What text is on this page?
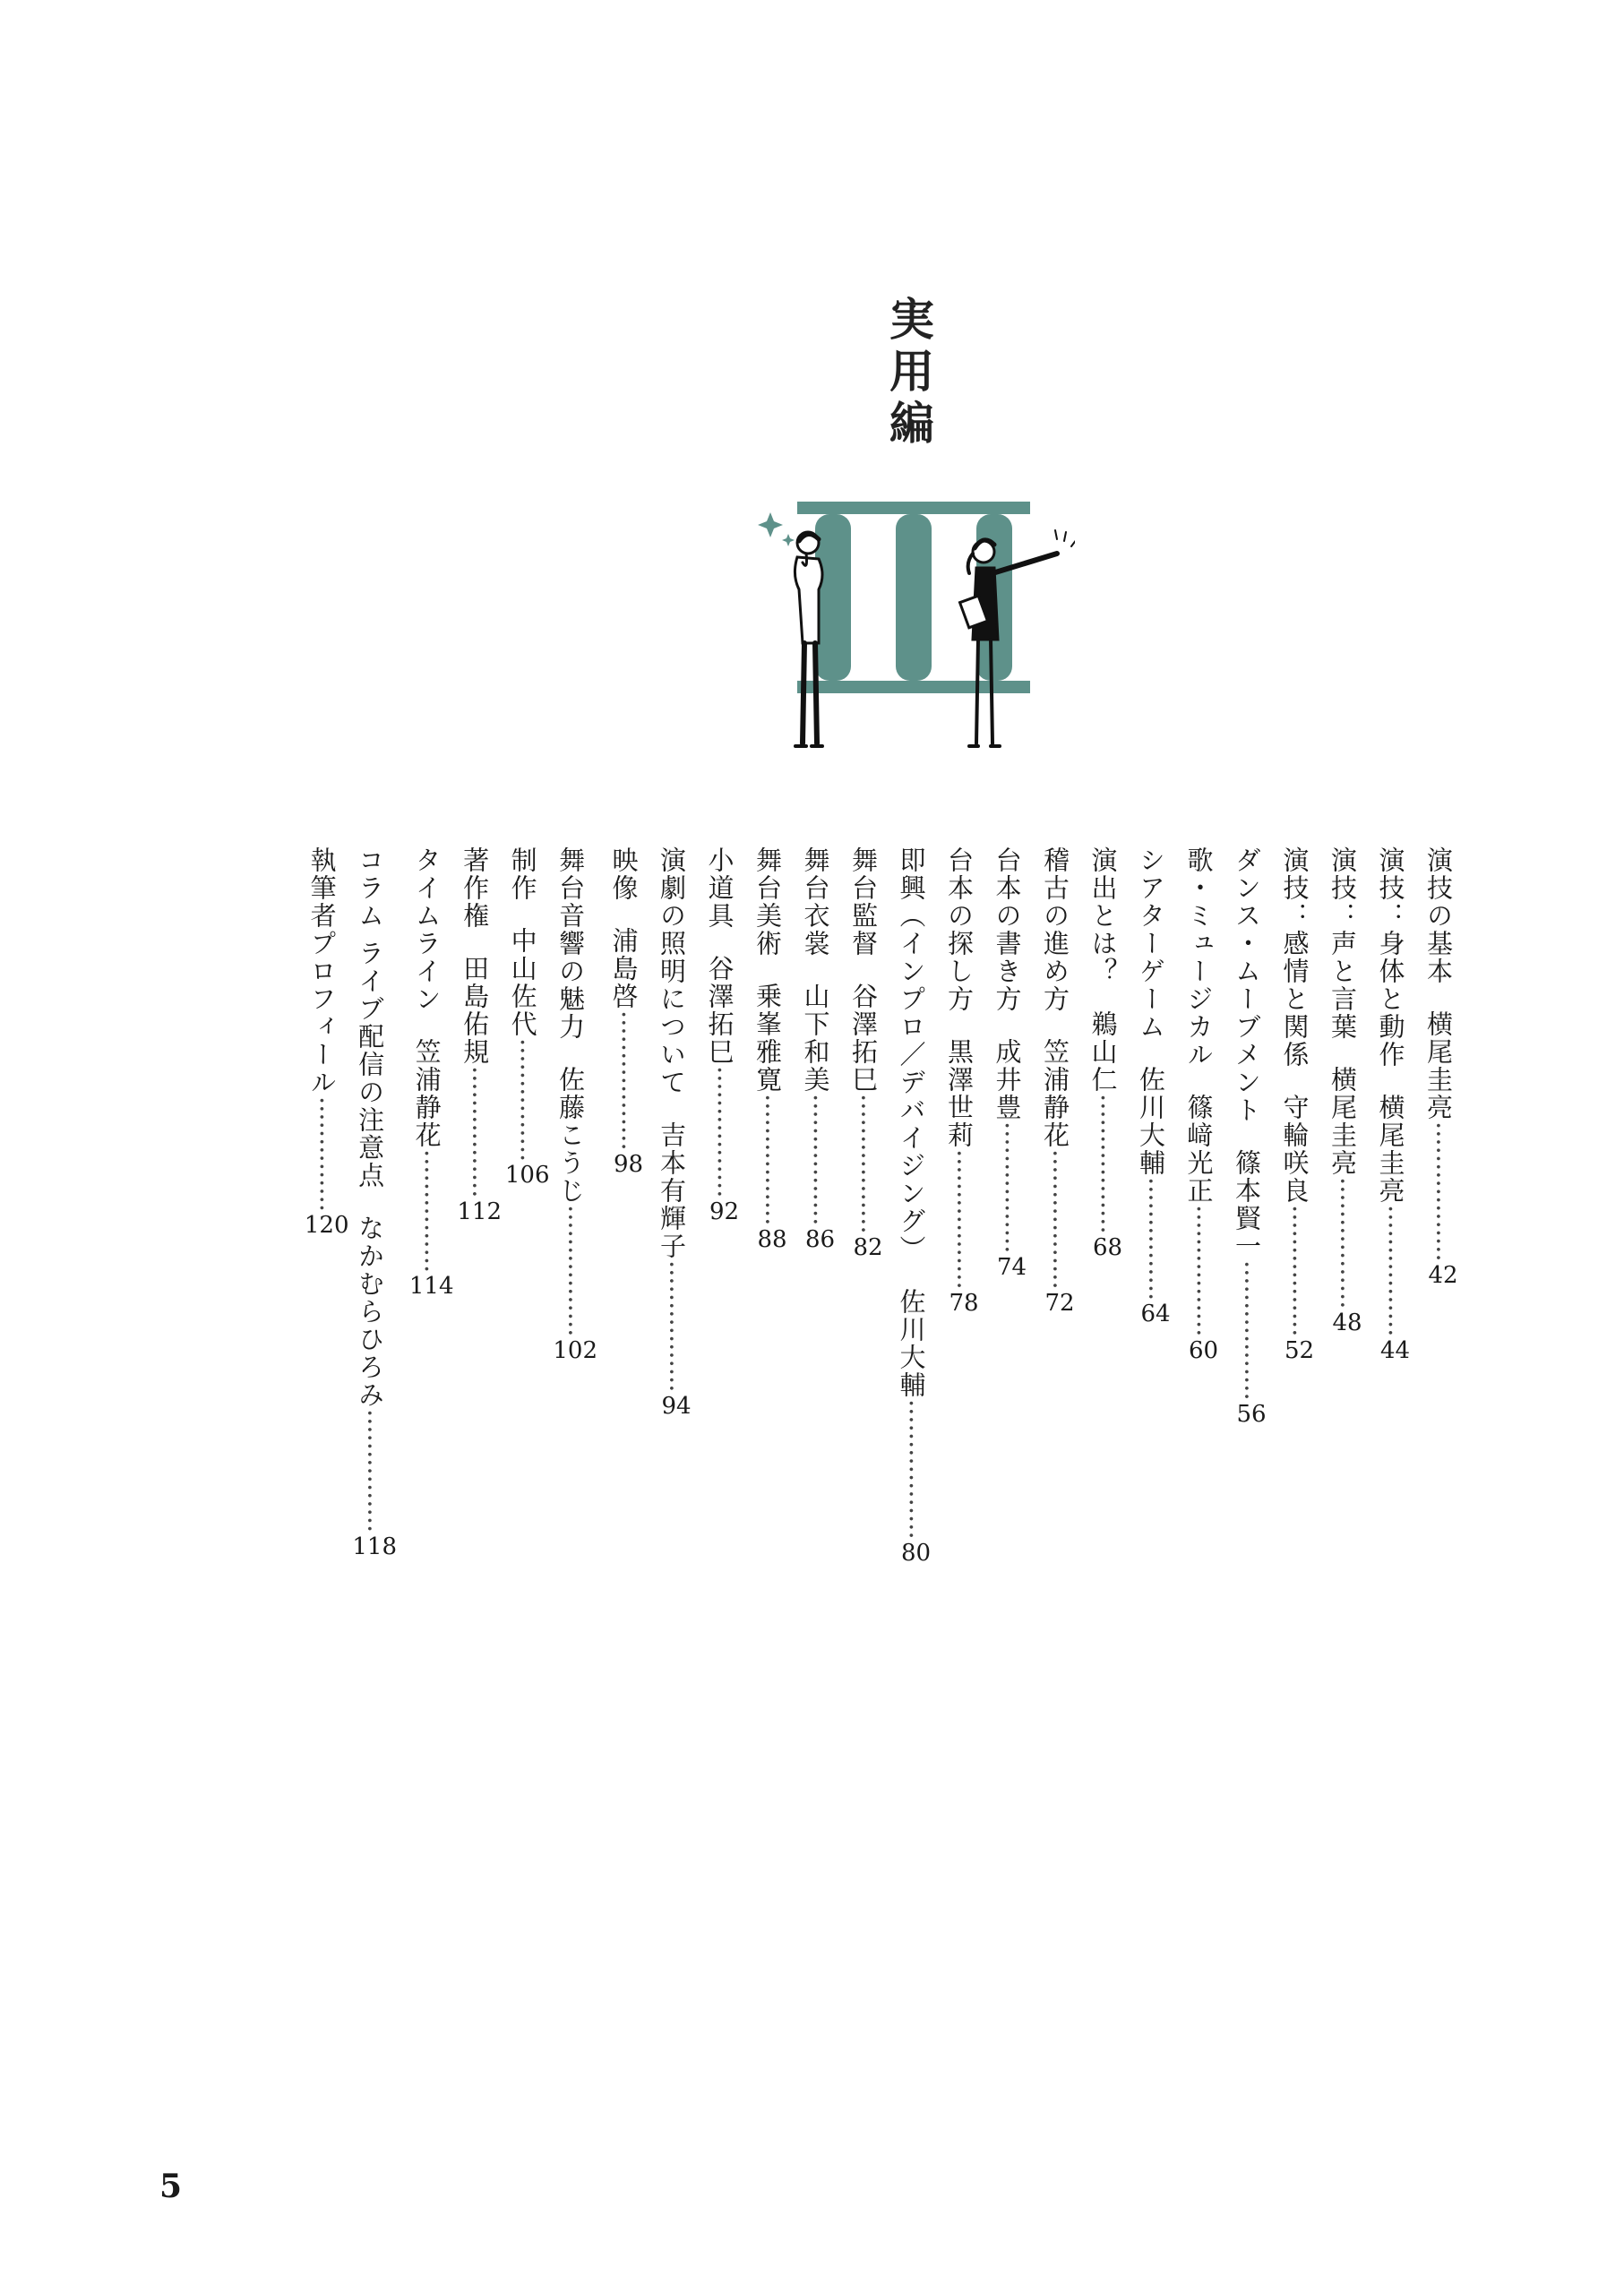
実用編
演技の基本横尾圭亮·················42
演技：身体と動作横尾圭亮················44
演技：声と言葉横尾圭亮················48
演技：感情と関係守輪咲良················52
ダンス・ムーブメント篠本賢一·················56
歌・ミュージカル篠﨑光正················60
シアターゲーム佐川大輔···············64
演出とは？鵜山仁·················68
稽古の進め方笠浦静花·················72
台本の書き方成井豊················74
台本の探し方黒澤世莉·················78
即興（インプロ／デバイジング）佐川大輔·················80
舞台監督谷澤拓巳·················82
舞台衣裳山下和美················86
舞台美術乗峯雅寛················88
小道具谷澤拓巳················92
演劇の照明について吉本有輝子················94
映像浦島啓·················98
舞台音響の魅力佐藤こうじ················102
制作中山佐代···············106
著作権田島佑規················112
タイムライン笠浦静花···············114
コラム ライブ配信の注意点なかむらひろみ···············118
執筆者プロフィール··············120
5
